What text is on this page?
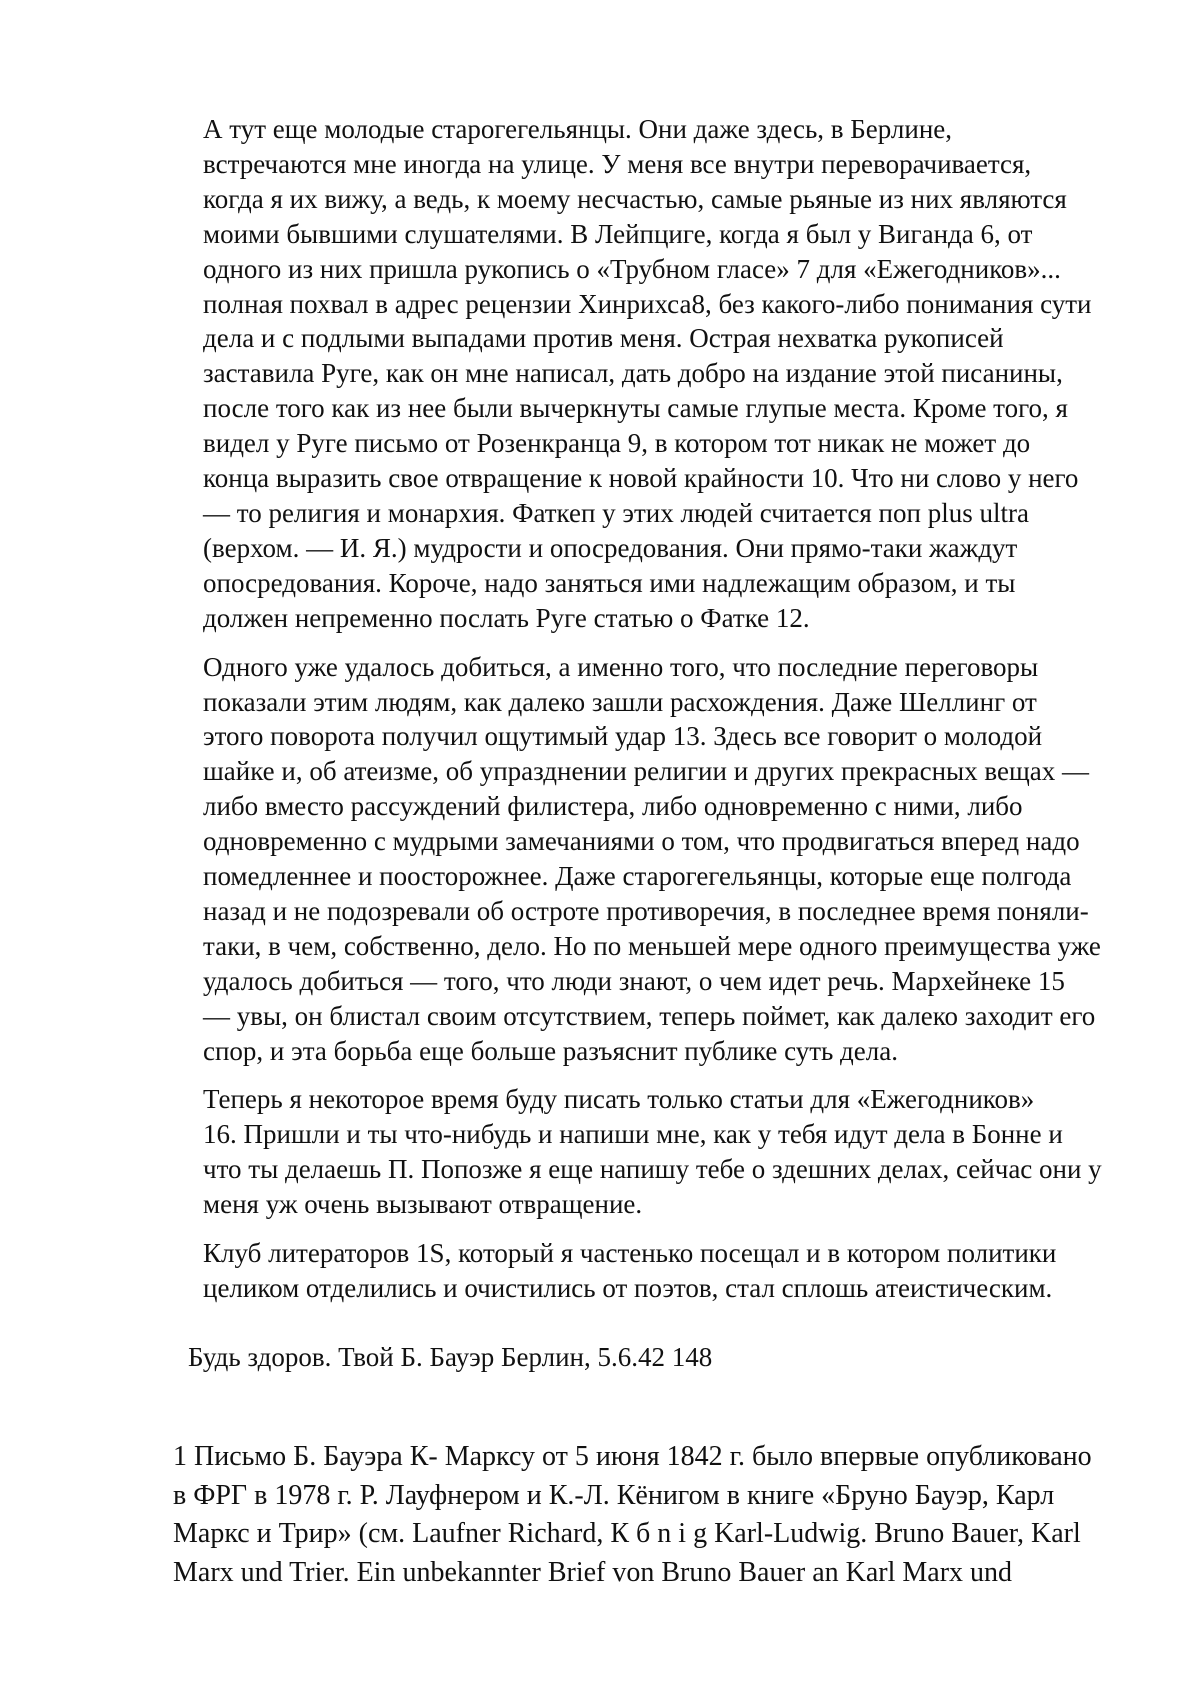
А тут еще молодые старогегельянцы. Они даже здесь, в Берлине,
встречаются мне иногда на улице. У меня все внутри переворачивается,
когда я их вижу, а ведь, к моему несчастью, самые рьяные из них являются
моими бывшими слушателями. В Лейпциге, когда я был у Виганда 6, от
одного из них пришла рукопись о «Трубном гласе» 7 для «Ежегодников»...
полная похвал в адрес рецензии Хинрихса8, без какого-либо понимания сути
дела и с подлыми выпадами против меня. Острая нехватка рукописей
заставила Руге, как он мне написал, дать добро на издание этой писанины,
после того как из нее были вычеркнуты самые глупые места. Кроме того, я
видел у Руге письмо от Розенкранца 9, в котором тот никак не может до
конца выразить свое отвращение к новой крайности 10. Что ни слово у него
— то религия и монархия. Фаткеп у этих людей считается поп plus ultra
(верхом. — И. Я.) мудрости и опосредования. Они прямо-таки жаждут
опосредования. Короче, надо заняться ими надлежащим образом, и ты
должен непременно послать Руге статью о Фатке 12.

Одного уже удалось добиться, а именно того, что последние переговоры
показали этим людям, как далеко зашли расхождения. Даже Шеллинг от
этого поворота получил ощутимый удар 13. Здесь все говорит о молодой
шайке и, об атеизме, об упразднении религии и других прекрасных вещах —
либо вместо рассуждений филистера, либо одновременно с ними, либо
одновременно с мудрыми замечаниями о том, что продвигаться вперед надо
помедленнее и поосторожнее. Даже старогегельянцы, которые еще полгода
назад и не подозревали об остроте противоречия, в последнее время поняли-
таки, в чем, собственно, дело. Но по меньшей мере одного преимущества уже
удалось добиться — того, что люди знают, о чем идет речь. Мархейнеке 15
— увы, он блистал своим отсутствием, теперь поймет, как далеко заходит его
спор, и эта борьба еще больше разъяснит публике суть дела.

Теперь я некоторое время буду писать только статьи для «Ежегодников»
16. Пришли и ты что-нибудь и напиши мне, как у тебя идут дела в Бонне и
что ты делаешь П. Попозже я еще напишу тебе о здешних делах, сейчас они у
меня уж очень вызывают отвращение.

Клуб литераторов 1S, который я частенько посещал и в котором политики
целиком отделились и очистились от поэтов, стал сплошь атеистическим.

Будь здоров. Твой Б. Бауэр Берлин, 5.6.42 148

1 Письмо Б. Бауэра К- Марксу от 5 июня 1842 г. было впервые опубликовано
в ФРГ в 1978 г. Р. Лауфнером и К.-Л. Кёнигом в книге «Бруно Бауэр, Карл
Маркс и Трир» (см. Laufner Richard, К б n i g Karl-Ludwig. Bruno Bauer, Karl
Marx und Trier. Ein unbekannter Brief von Bruno Bauer an Karl Marx und
